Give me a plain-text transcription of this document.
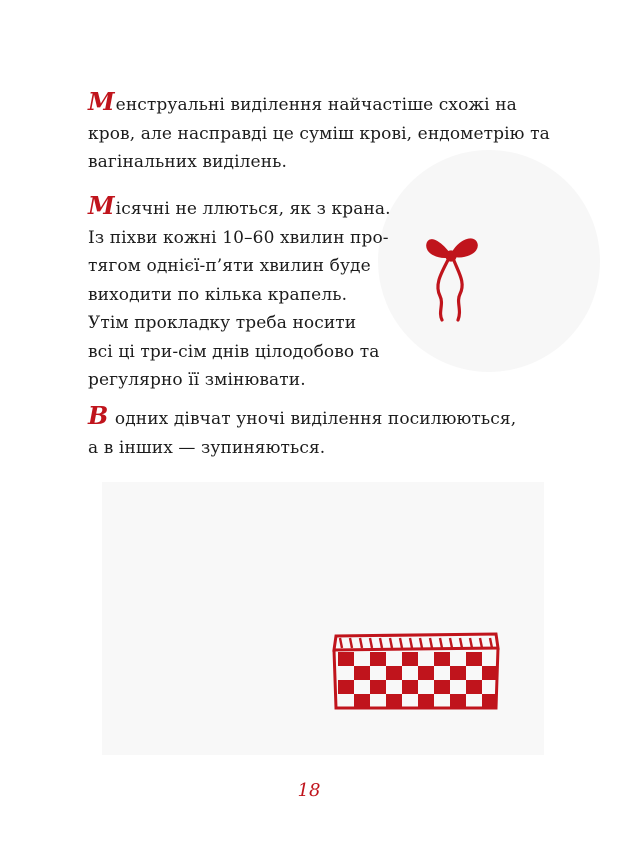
Менструальні виділення найчастіше схожі на
кров, але насправді це суміш крові, ендометрію та
вагінальних виділень.

Місячні не ллються, як з крана.
Із піхви кожні 10–60 хвилин про-
тягом однієї-п’яти хвилин буде
виходити по кілька крапель.
Утім прокладку треба носити
всі ці три-сім днів цілодобово та
регулярно її змінювати.

В одних дівчат уночі виділення посилюються,
а в інших — зупиняються.

18
